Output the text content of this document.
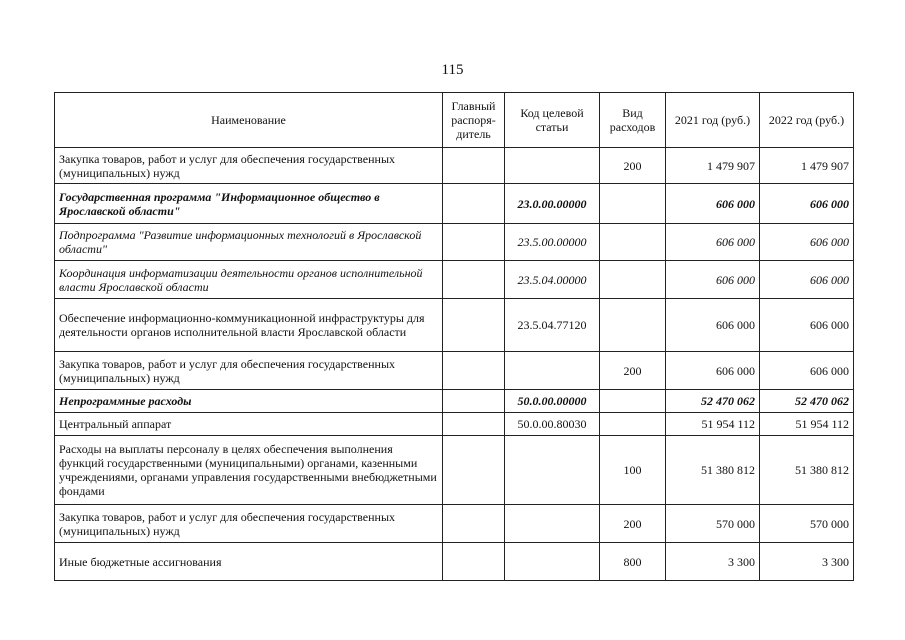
115
Наименование	Главный распоря- дитель	Код целевой статьи	Вид расходов	2021 год (руб.)	2022 год (руб.)
Закупка товаров, работ и услуг для обеспечения государственных (муниципальных) нужд			200	1 479 907	1 479 907
Государственная программа "Информационное общество в Ярославской области"		23.0.00.00000		606 000	606 000
Подпрограмма "Развитие информационных технологий в Ярославской области"		23.5.00.00000		606 000	606 000
Координация информатизации деятельности органов исполнительной власти Ярославской области		23.5.04.00000		606 000	606 000
Обеспечение информационно-коммуникационной инфраструктуры для деятельности органов исполнительной власти Ярославской области		23.5.04.77120		606 000	606 000
Закупка товаров, работ и услуг для обеспечения государственных (муниципальных) нужд			200	606 000	606 000
Непрограммные расходы		50.0.00.00000		52 470 062	52 470 062
Центральный аппарат		50.0.00.80030		51 954 112	51 954 112
Расходы на выплаты персоналу в целях обеспечения выполнения функций государственными (муниципальными) органами, казенными учреждениями, органами управления государственными внебюджетными фондами			100	51 380 812	51 380 812
Закупка товаров, работ и услуг для обеспечения государственных (муниципальных) нужд			200	570 000	570 000
Иные бюджетные ассигнования			800	3 300	3 300
